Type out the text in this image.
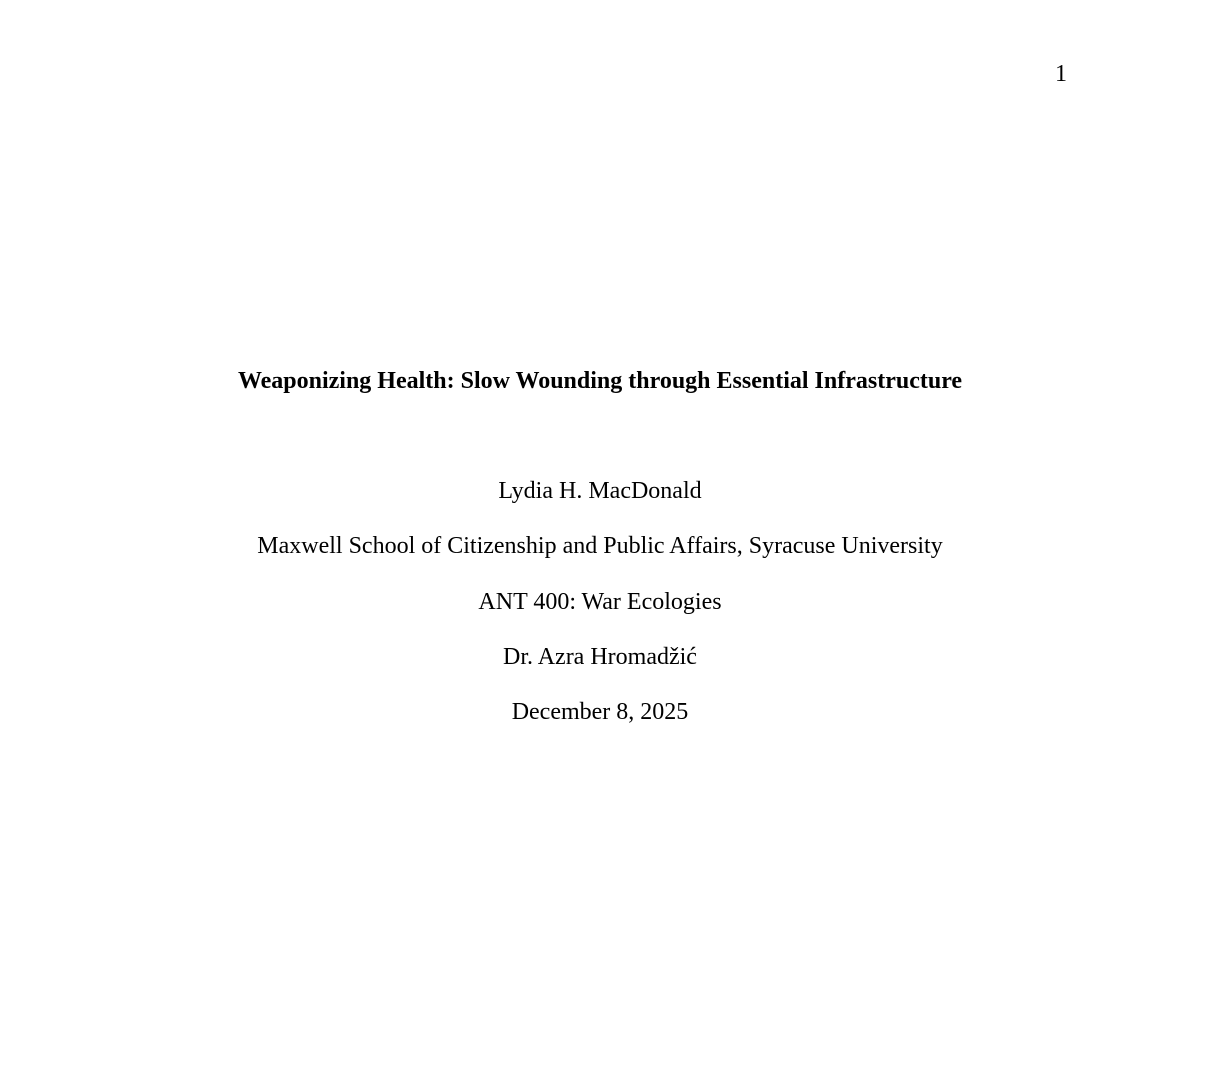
1
Weaponizing Health: Slow Wounding through Essential Infrastructure
Lydia H. MacDonald
Maxwell School of Citizenship and Public Affairs, Syracuse University
ANT 400: War Ecologies
Dr. Azra Hromadžić
December 8, 2025
